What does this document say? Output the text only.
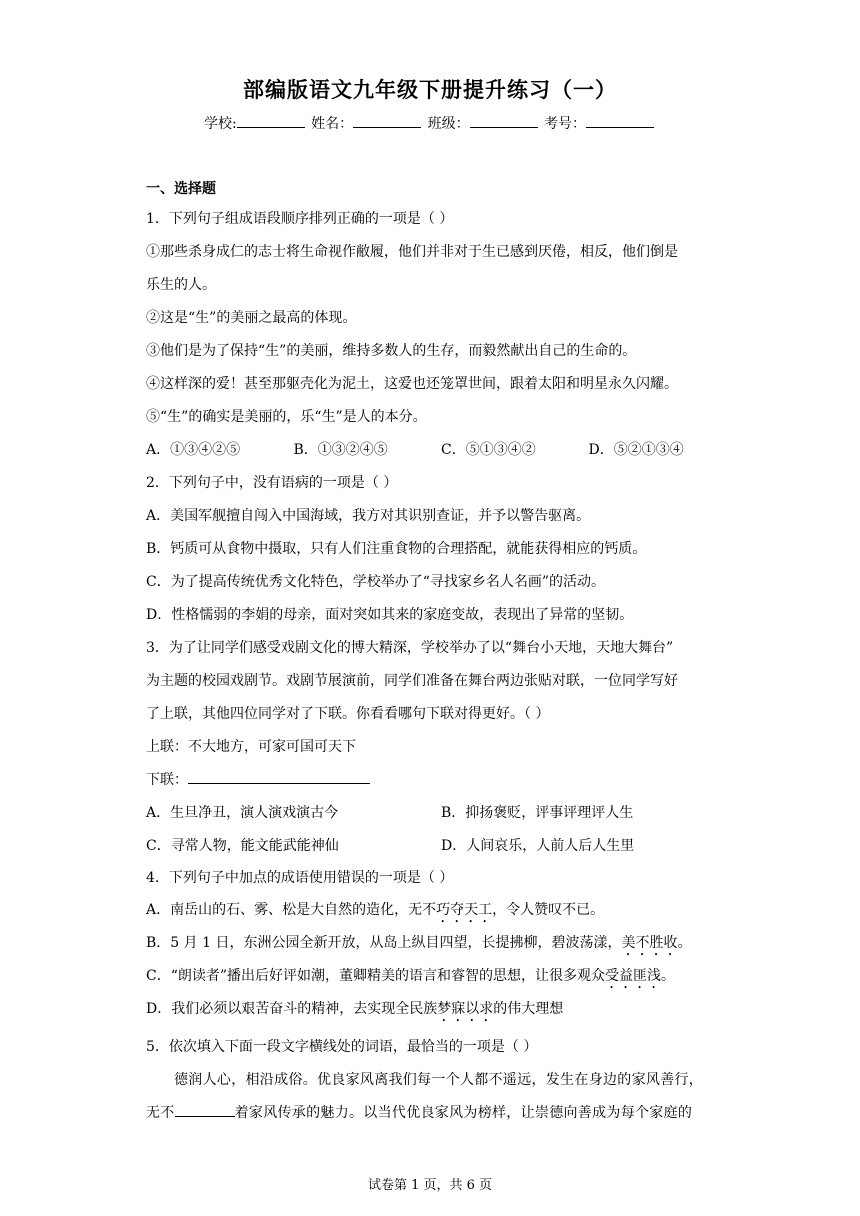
部编版语文九年级下册提升练习（一）
学校:	姓名：	班级：	考号：
一、选择题
1．下列句子组成语段顺序排列正确的一项是（ ）
①那些杀身成仁的志士将生命视作敝履，他们并非对于生已感到厌倦，相反，他们倒是
乐生的人。
②这是“生”的美丽之最高的体现。
③他们是为了保持“生”的美丽，维持多数人的生存，而毅然献出自己的生命的。
④这样深的爱！甚至那躯壳化为泥土，这爱也还笼罩世间，跟着太阳和明星永久闪耀。
⑤“生”的确实是美丽的，乐“生”是人的本分。
A．①③④②⑤	B．①③②④⑤	C．⑤①③④②	D．⑤②①③④
2．下列句子中，没有语病的一项是（ ）
A．美国军舰擅自闯入中国海域，我方对其识别查证，并予以警告驱离。
B．钙质可从食物中摄取，只有人们注重食物的合理搭配，就能获得相应的钙质。
C．为了提高传统优秀文化特色，学校举办了“寻找家乡名人名画”的活动。
D．性格懦弱的李娟的母亲，面对突如其来的家庭变故，表现出了异常的坚韧。
3．为了让同学们感受戏剧文化的博大精深，学校举办了以“舞台小天地，天地大舞台”
为主题的校园戏剧节。戏剧节展演前，同学们准备在舞台两边张贴对联，一位同学写好
了上联，其他四位同学对了下联。你看看哪句下联对得更好。（ ）
上联：不大地方，可家可国可天下
下联：
A．生旦净丑，演人演戏演古今	B．抑扬褒贬，评事评理评人生
C．寻常人物，能文能武能神仙	D．人间哀乐，人前人后人生里
4．下列句子中加点的成语使用错误的一项是（ ）
A．南岳山的石、雾、松是大自然的造化，无不巧夺天工，令人赞叹不已。
B．5 月 1 日，东洲公园全新开放，从岛上纵目四望，长提拂柳，碧波荡漾，美不胜收。
C．“朗读者”播出后好评如潮，董卿精美的语言和睿智的思想，让很多观众受益匪浅。
D．我们必须以艰苦奋斗的精神，去实现全民族梦寐以求的伟大理想
5．依次填入下面一段文字横线处的词语，最恰当的一项是（ ）
德润人心，相沿成俗。优良家风离我们每一个人都不遥远，发生在身边的家风善行，
无不	着家风传承的魅力。以当代优良家风为榜样，让崇德向善成为每个家庭的
试卷第 1 页，共 6 页
